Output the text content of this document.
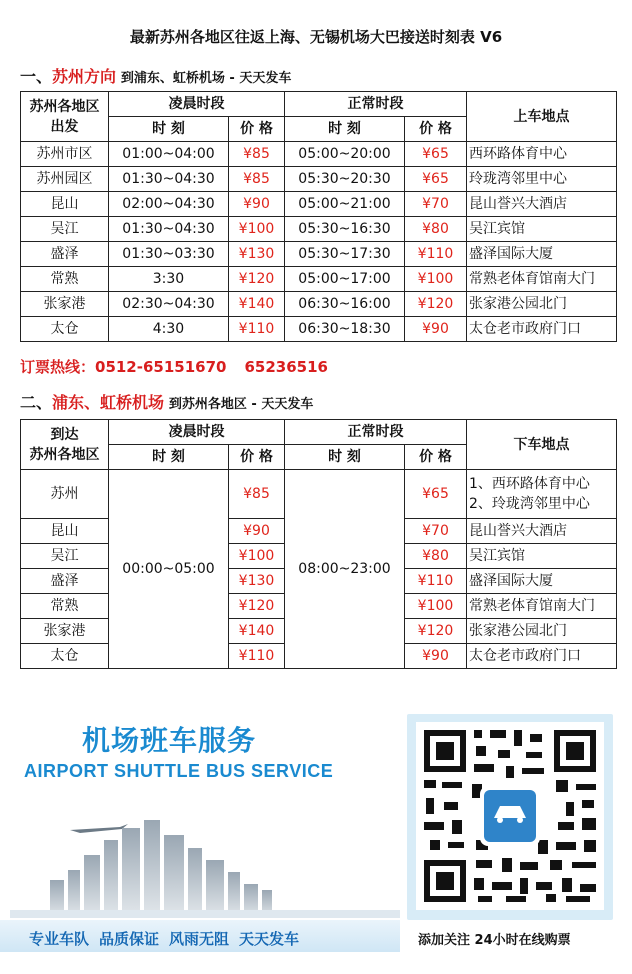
最新苏州各地区往返上海、无锡机场大巴接送时刻表 V6
一、苏州方向 到浦东、虹桥机场 - 天天发车
苏州各地区
出发	凌晨时段		正常时段		上车地点
	时 刻	价 格	时 刻	价 格	
苏州市区	01:00~04:00	¥85	05:00~20:00	¥65	西环路体育中心
苏州园区	01:30~04:30	¥85	05:30~20:30	¥65	玲珑湾邻里中心
昆山	02:00~04:30	¥90	05:00~21:00	¥70	昆山誉兴大酒店
吴江	01:30~04:30	¥100	05:30~16:30	¥80	吴江宾馆
盛泽	01:30~03:30	¥130	05:30~17:30	¥110	盛泽国际大厦
常熟	3:30	¥120	05:00~17:00	¥100	常熟老体育馆南大门
张家港	02:30~04:30	¥140	06:30~16:00	¥120	张家港公园北门
太仓	4:30	¥110	06:30~18:30	¥90	太仓老市政府门口
订票热线：0512-65151670 65236516
二、浦东、虹桥机场 到苏州各地区 - 天天发车
到达
苏州各地区	凌晨时段		正常时段		下车地点
	时 刻	价 格	时 刻	价 格	
苏州	00:00~05:00	¥85	08:00~23:00	¥65	1、西环路体育中心
2、玲珑湾邻里中心

昆山		¥90		¥70	昆山誉兴大酒店
吴江		¥100		¥80	吴江宾馆
盛泽		¥130		¥110	盛泽国际大厦
常熟		¥120		¥100	常熟老体育馆南大门
张家港		¥140		¥120	张家港公园北门
太仓		¥110		¥90	太仓老市政府门口
机场班车服务
AIRPORT SHUTTLE BUS SERVICE
专业车队 品质保证 风雨无阻 天天发车	添加关注 24小时在线购票
